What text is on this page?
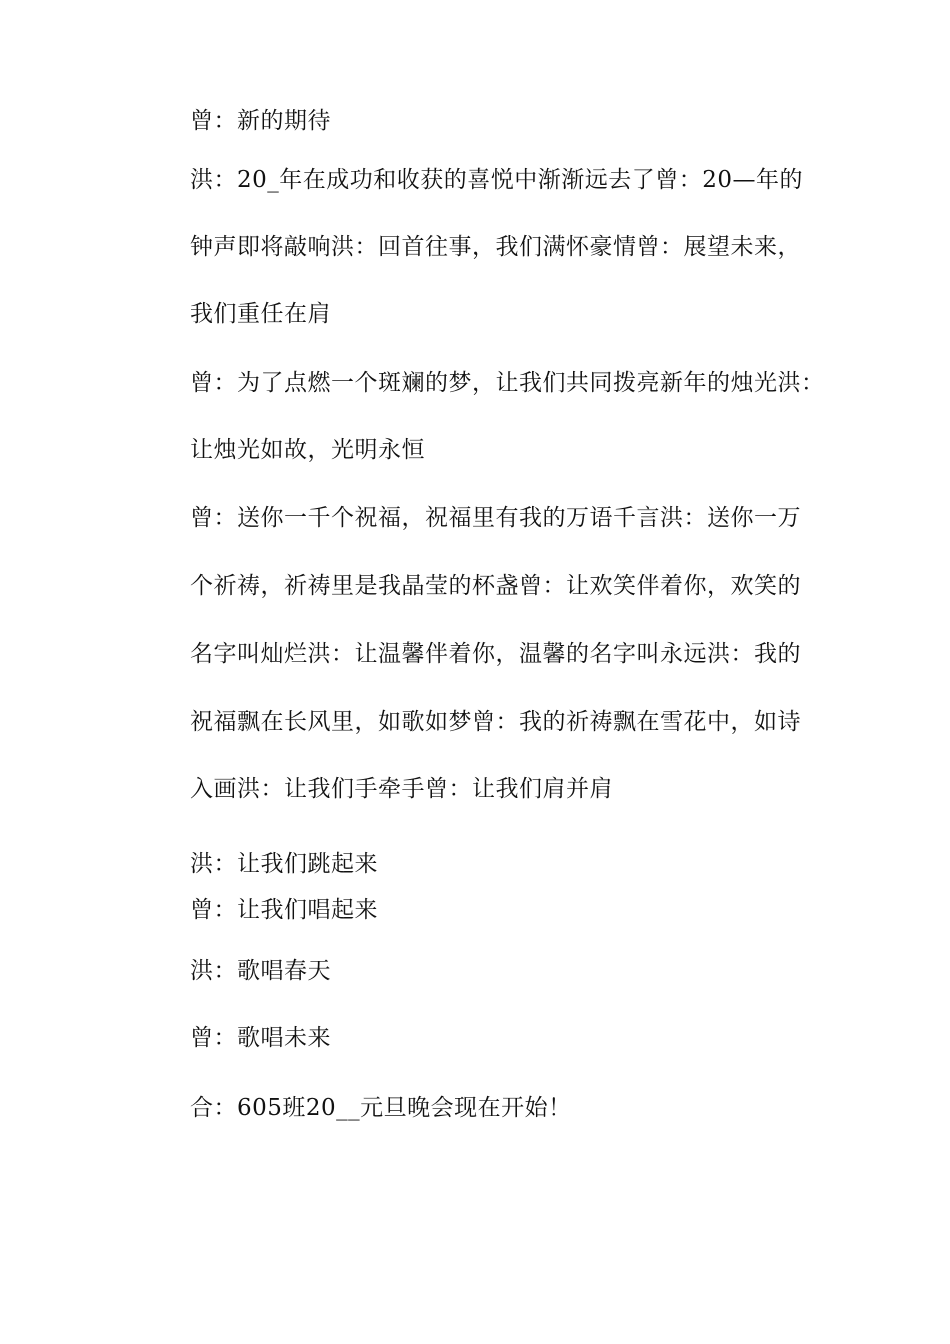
曾：新的期待
洪：20_年在成功和收获的喜悦中渐渐远去了曾：20—年的
钟声即将敲响洪：回首往事，我们满怀豪情曾：展望未来，
我们重任在肩
曾：为了点燃一个斑斓的梦，让我们共同拨亮新年的烛光洪：
让烛光如故，光明永恒
曾：送你一千个祝福，祝福里有我的万语千言洪：送你一万
个祈祷，祈祷里是我晶莹的杯盏曾：让欢笑伴着你，欢笑的
名字叫灿烂洪：让温馨伴着你，温馨的名字叫永远洪：我的
祝福飘在长风里，如歌如梦曾：我的祈祷飘在雪花中，如诗
入画洪：让我们手牵手曾：让我们肩并肩
洪：让我们跳起来
曾：让我们唱起来
洪：歌唱春天
曾：歌唱未来
合：605班20__元旦晚会现在开始！
